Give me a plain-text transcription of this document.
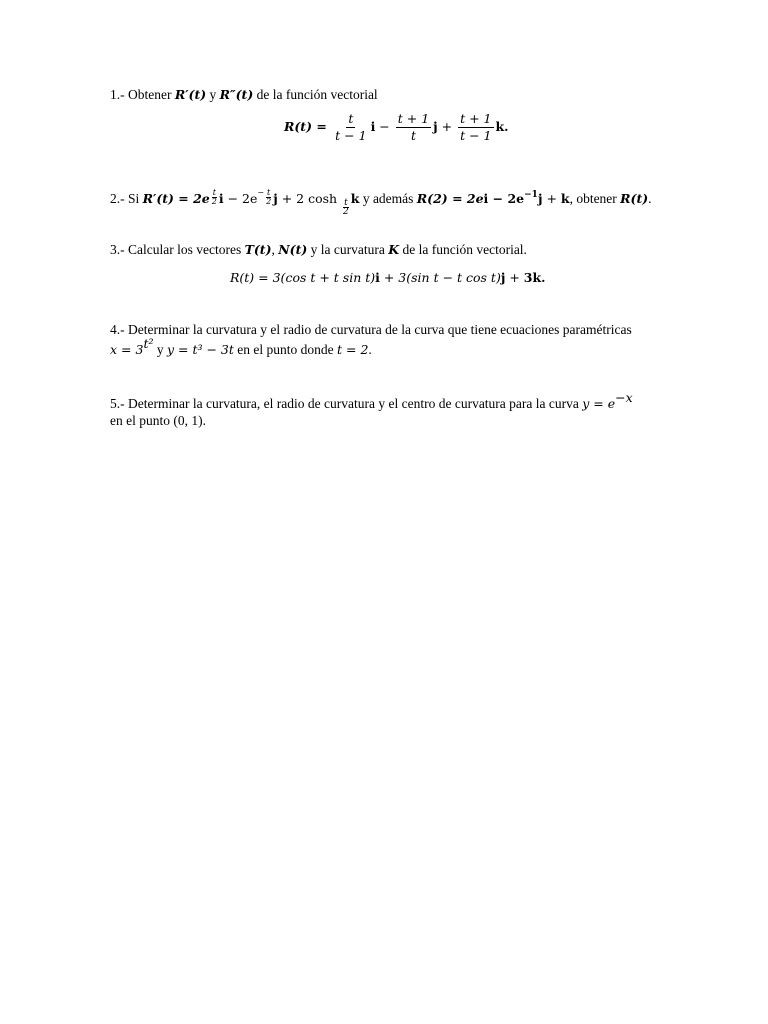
1.- Obtener R′(t) y R″(t) de la función vectorial
$R(t) = \frac{t}{t - 1}$ $i - \frac{t + 1}{t}$ $j + \frac{t + 1}{t - 1} k$.
2.- Si $R'(t) = 2e \frac{t}{2}$ $i - 2e^- \frac{t}{2}$ j + 2 cosh
$\frac{t}{2}$
k y además $R(2) = 2ei - 2e^{-1}j + k$, obtener R(t).
3.- Calcular los vectores T(t), N(t) y la curvatura K de la función vectorial.
R(t) = 3(cos t + t sin t)i + 3(sin t − t cos t)j + 3k.
4.- Determinar la curvatura y el radio de curvatura de la curva que tiene ecuaciones paramétricas
$x = 3^{t^2}$ y y = t³ − 3t en el punto donde t = 2.
5.- Determinar la curvatura, el radio de curvatura y el centro de curvatura para la curva $y = e^{-x}$
en el punto (0, 1).
